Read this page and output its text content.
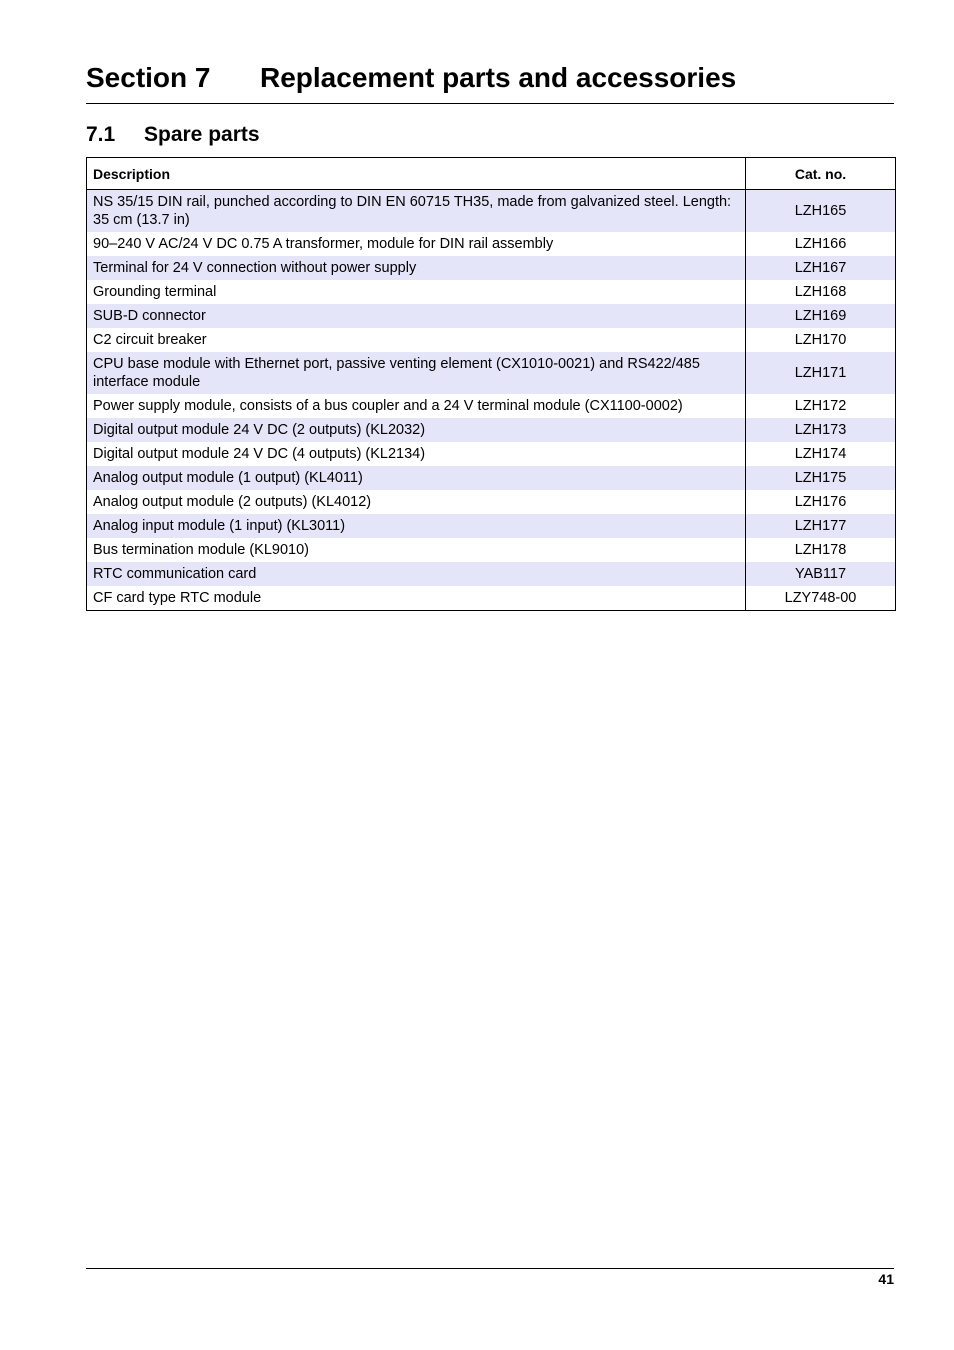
Section 7 Replacement parts and accessories
7.1 Spare parts
Description	Cat. no.
NS 35/15 DIN rail, punched according to DIN EN 60715 TH35, made from galvanized steel. Length: 35 cm (13.7 in)	LZH165
90–240 V AC/24 V DC 0.75 A transformer, module for DIN rail assembly	LZH166
Terminal for 24 V connection without power supply	LZH167
Grounding terminal	LZH168
SUB-D connector	LZH169
C2 circuit breaker	LZH170
CPU base module with Ethernet port, passive venting element (CX1010-0021) and RS422/485 interface module	LZH171
Power supply module, consists of a bus coupler and a 24 V terminal module (CX1100-0002)	LZH172
Digital output module 24 V DC (2 outputs) (KL2032)	LZH173
Digital output module 24 V DC (4 outputs) (KL2134)	LZH174
Analog output module (1 output) (KL4011)	LZH175
Analog output module (2 outputs) (KL4012)	LZH176
Analog input module (1 input) (KL3011)	LZH177
Bus termination module (KL9010)	LZH178
RTC communication card	YAB117
CF card type RTC module	LZY748-00
41
